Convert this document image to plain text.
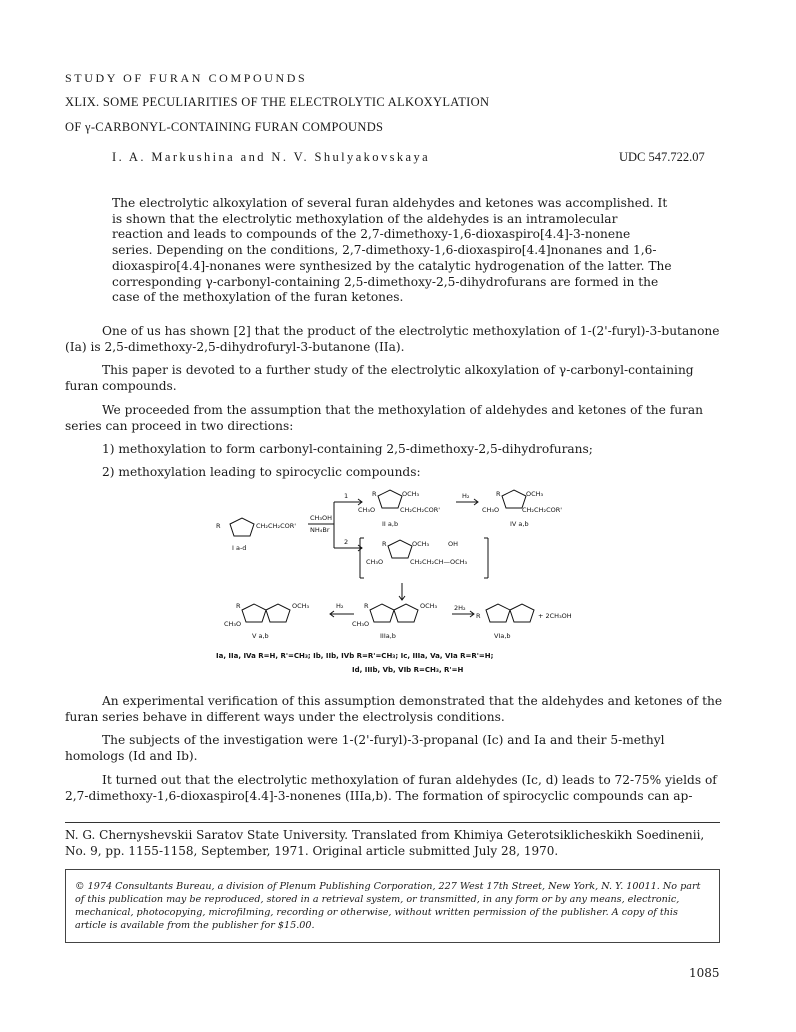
STUDY OF FURAN COMPOUNDS
XLIX. SOME PECULIARITIES OF THE ELECTROLYTIC ALKOXYLATION
OF γ-CARBONYL-CONTAINING FURAN COMPOUNDS
I. A. Markushina and N. V. Shulyakovskaya	UDC 547.722.07
The electrolytic alkoxylation of several furan aldehydes and ketones was accomplished. It is shown that the electrolytic methoxylation of the aldehydes is an intramolecular reaction and leads to compounds of the 2,7-dimethoxy-1,6-dioxaspiro[4.4]-3-nonene series. Depending on the conditions, 2,7-dimethoxy-1,6-dioxaspiro[4.4]nonanes and 1,6-dioxaspiro[4.4]-nonanes were synthesized by the catalytic hydrogenation of the latter. The corresponding γ-carbonyl-containing 2,5-dimethoxy-2,5-dihydrofurans are formed in the case of the methoxylation of the furan ketones.
One of us has shown [2] that the product of the electrolytic methoxylation of 1-(2'-furyl)-3-butanone (Ia) is 2,5-dimethoxy-2,5-dihydrofuryl-3-butanone (IIa).
This paper is devoted to a further study of the electrolytic alkoxylation of γ-carbonyl-containing furan compounds.
We proceeded from the assumption that the methoxylation of aldehydes and ketones of the furan series can proceed in two directions:
1) methoxylation to form carbonyl-containing 2,5-dimethoxy-2,5-dihydrofurans;
2) methoxylation leading to spirocyclic compounds:
R	CH₂CH₂COR'
I a-d
CH₃OH
NH₄Br
1
2
R	OCH₃
CH₃O	CH₂CH₂COR'
II a,b
H₂	R	OCH₃
CH₃O	CH₂CH₂COR'
IV a,b
R	OCH₃	OH
CH₃O	CH₂CH₂CH—OCH₃
R	OCH₃
CH₃O
V a,b
H₂	R	OCH₃
CH₃O
IIIa,b
2H₂
R	+ 2CH₃OH
VIa,b
Ia, IIa, IVa R=H, R'=CH₃; Ib, IIb, IVb R=R'=CH₃; Ic, IIIa, Va, VIa R=R'=H;
Id, IIIb, Vb, VIb R=CH₃, R'=H
An experimental verification of this assumption demonstrated that the aldehydes and ketones of the furan series behave in different ways under the electrolysis conditions.
The subjects of the investigation were 1-(2'-furyl)-3-propanal (Ic) and Ia and their 5-methyl homologs (Id and Ib).
It turned out that the electrolytic methoxylation of furan aldehydes (Ic, d) leads to 72-75% yields of 2,7-dimethoxy-1,6-dioxaspiro[4.4]-3-nonenes (IIIa,b). The formation of spirocyclic compounds can ap-
N. G. Chernyshevskii Saratov State University. Translated from Khimiya Geterotsiklicheskikh Soedinenii, No. 9, pp. 1155-1158, September, 1971. Original article submitted July 28, 1970.
© 1974 Consultants Bureau, a division of Plenum Publishing Corporation, 227 West 17th Street, New York, N. Y. 10011. No part of this publication may be reproduced, stored in a retrieval system, or transmitted, in any form or by any means, electronic, mechanical, photocopying, microfilming, recording or otherwise, without written permission of the publisher. A copy of this article is available from the publisher for $15.00.
1085
